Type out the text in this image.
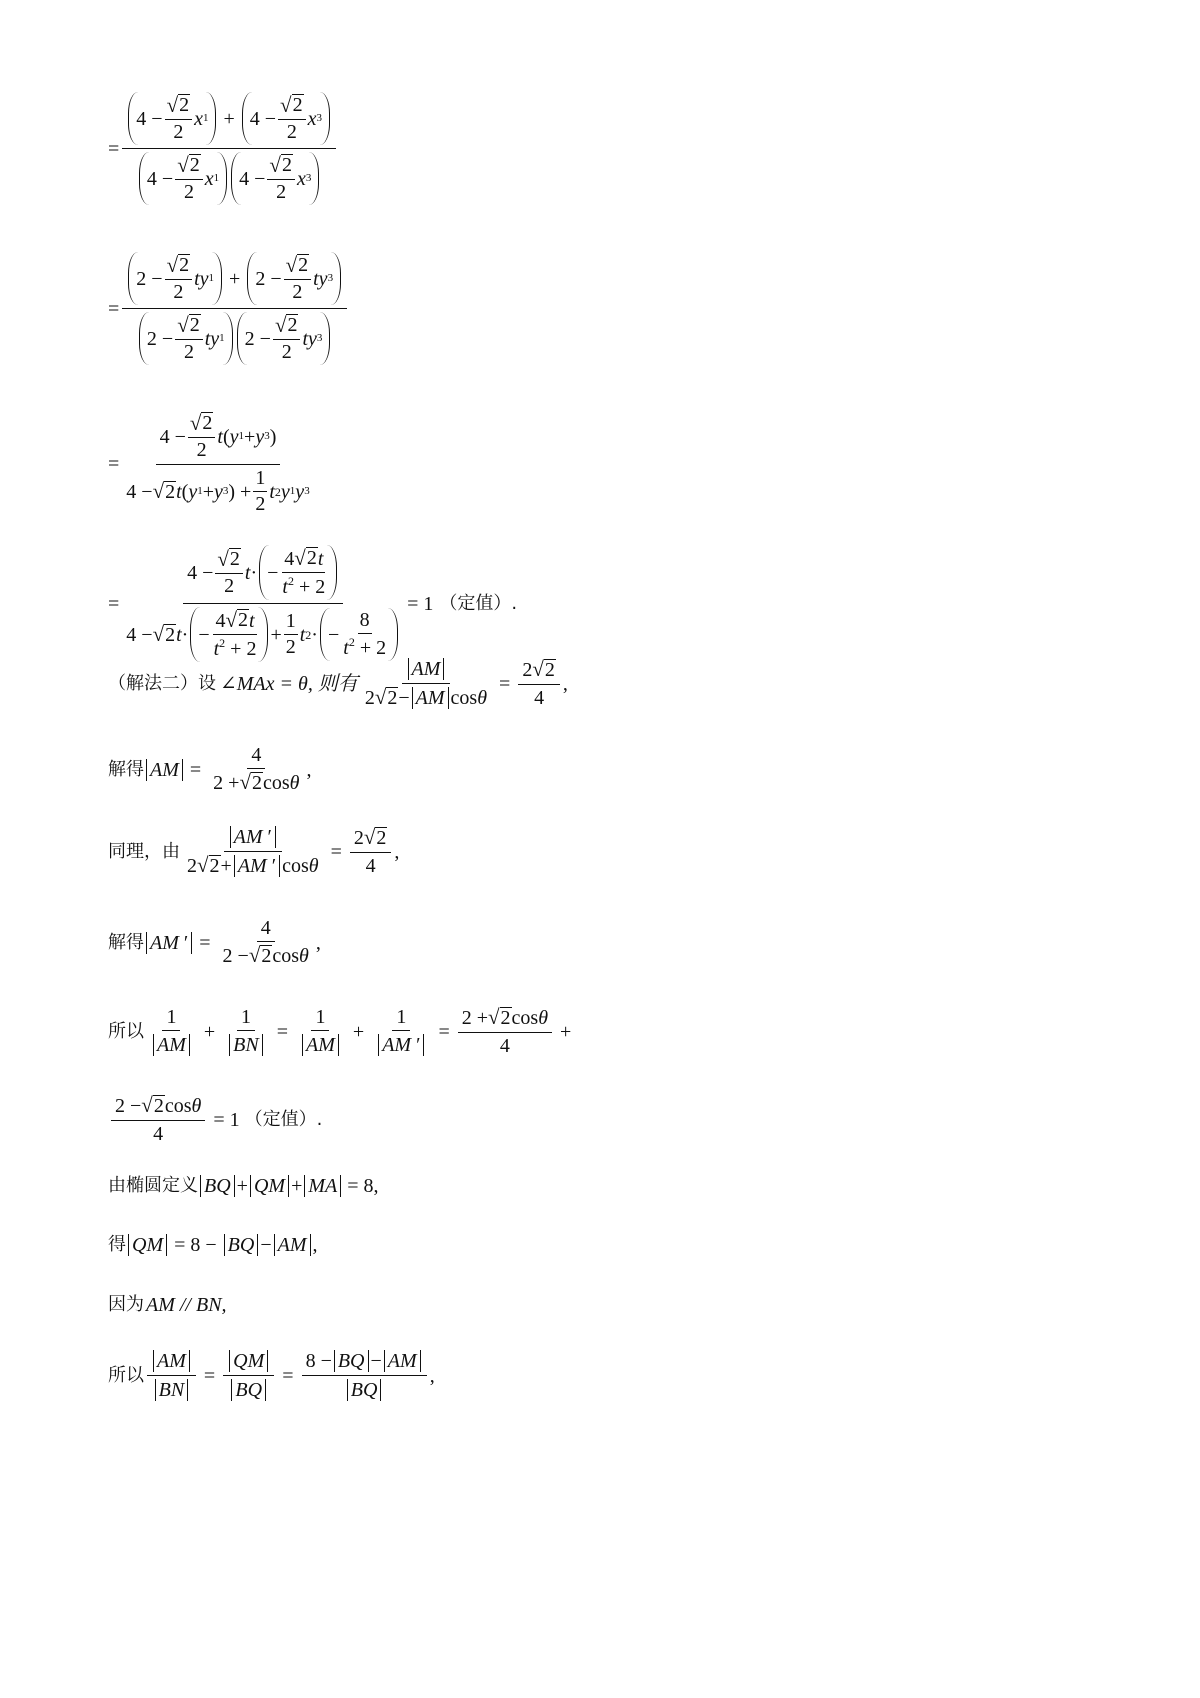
= $4 - \frac{√ 2}{2}$ x $1 + 4 - \frac{√ 2}{2}$ x 3
$4 - \frac{√ 2}{2}$ x 1	$4 - \frac{√ 2}{2}$ x 3
= $2 - \frac{√ 2}{2}$ ty $1 + 2 - \frac{√ 2}{2}$ ty 3
$2 - \frac{√ 2}{2}$ ty 1	$2 - \frac{√ 2}{2}$ ty 3
= $\frac{4 - \frac{√ 2}{2} t ( y 1 + y 3 )}{4 - √ 2 t ( y 1 + y 3 ) + \frac{1}{2} t 2 y 1 y 3}$
= $\frac{4 - \frac{√ 2}{2} t \cdot - \frac{4 √ 2 t}{t^2 + 2}}{4 - √ 2 t \cdot - \frac{4 √ 2 t}{t^2 + 2} + \frac{1}{2} t 2 \cdot - \frac{8}{t^2 + 2}} = 1$ （定值）.
（解法二）设 ∠MAx = θ, 则有 $\frac{AM}{\text{2 √ 2 − AM cos θ}} = \frac{2 √ 2}{4}$ ,
解得 AM = $\frac{4}{\text{2 + √ 2 cos θ}}$ ,
同理，由 $\frac{AM '}{\text{2 √ 2 + AM ′ cos θ}} = \frac{2 √ 2}{4}$ ,
解得 AM ′ = $\frac{4}{\text{2 − √ 2 cos θ}}$ ,
所以 $\frac{1}{AM} + \frac{1}{BN} = \frac{1}{AM} + \frac{1}{AM '} = \frac{\text{2 + √ 2 cos θ}}{4}$ +
$\frac{\text{2 − √ 2 cos θ}}{4} = 1$ （定值）.
由椭圆定义 BQ + QM + MA = 8,
得 QM = 8 − BQ − AM ,
因为 AM // BN,
所以 $\frac{AM}{BN} = \frac{QM}{BQ} = \frac{8 - BQ - AM}{BQ}$ ,
